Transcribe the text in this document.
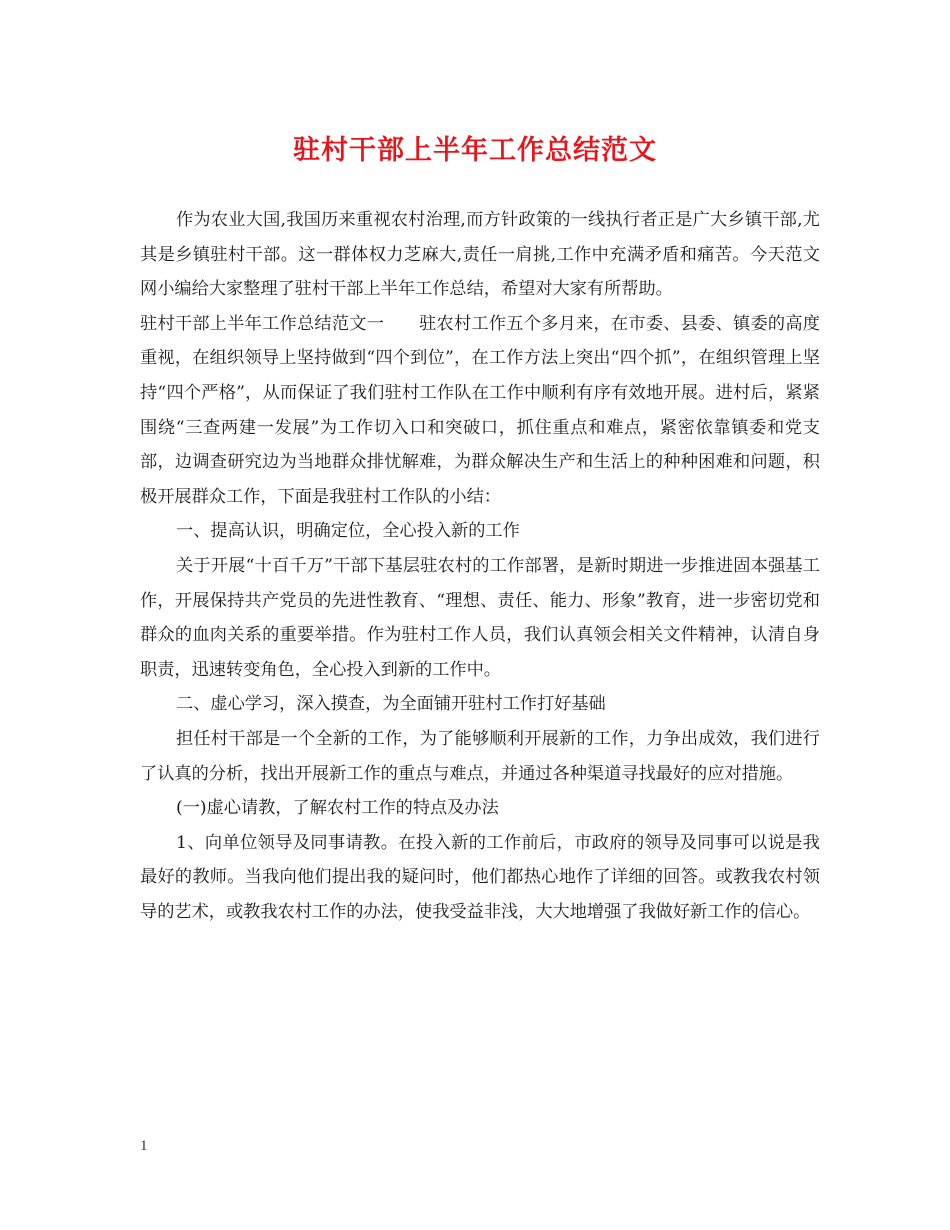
驻村干部上半年工作总结范文

作为农业大国,我国历来重视农村治理,而方针政策的一线执行者正是广大乡镇干部,尤其是乡镇驻村干部。这一群体权力芝麻大,责任一肩挑,工作中充满矛盾和痛苦。今天范文网小编给大家整理了驻村干部上半年工作总结，希望对大家有所帮助。

驻村干部上半年工作总结范文一　　驻农村工作五个多月来，在市委、县委、镇委的高度重视，在组织领导上坚持做到“四个到位”，在工作方法上突出“四个抓”，在组织管理上坚持“四个严格”，从而保证了我们驻村工作队在工作中顺利有序有效地开展。进村后，紧紧围绕“三查两建一发展”为工作切入口和突破口，抓住重点和难点，紧密依靠镇委和党支部，边调查研究边为当地群众排忧解难，为群众解决生产和生活上的种种困难和问题，积极开展群众工作，下面是我驻村工作队的小结：

一、提高认识，明确定位，全心投入新的工作

关于开展“十百千万”干部下基层驻农村的工作部署，是新时期进一步推进固本强基工作，开展保持共产党员的先进性教育、“理想、责任、能力、形象”教育，进一步密切党和群众的血肉关系的重要举措。作为驻村工作人员，我们认真领会相关文件精神，认清自身职责，迅速转变角色，全心投入到新的工作中。

二、虚心学习，深入摸查，为全面铺开驻村工作打好基础

担任村干部是一个全新的工作，为了能够顺利开展新的工作，力争出成效，我们进行了认真的分析，找出开展新工作的重点与难点，并通过各种渠道寻找最好的应对措施。

(一)虚心请教，了解农村工作的特点及办法

1、向单位领导及同事请教。在投入新的工作前后，市政府的领导及同事可以说是我最好的教师。当我向他们提出我的疑问时，他们都热心地作了详细的回答。或教我农村领导的艺术，或教我农村工作的办法，使我受益非浅，大大地增强了我做好新工作的信心。

1
